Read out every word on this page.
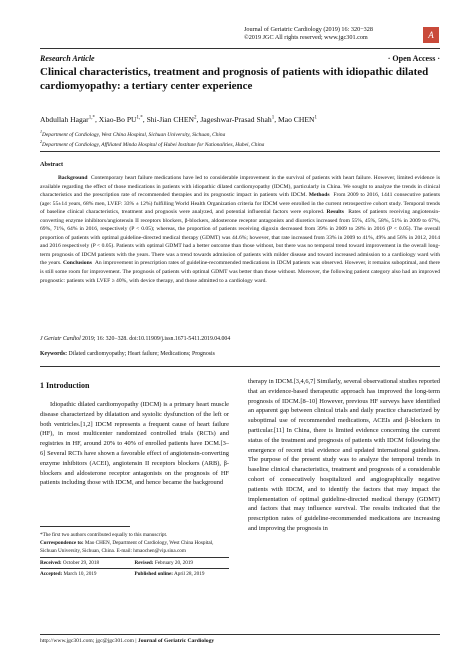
Journal of Geriatric Cardiology (2019) 16: 320−328
©2019 JGC All rights reserved; www.jgc301.com	A
Research Article	· Open Access ·
Clinical characteristics, treatment and prognosis of patients with idiopathic dilated cardiomyopathy: a tertiary center experience
Abdullah Hagar$^{1,*}$, Xiao-Bo $PU^{1,*}$, Shi-Jian CHEN$^2$, Jageshwar-Prasad Shah$^1$, Mao CHEN$^1$
$^1$Department of Cardiology, West China Hospital, Sichuan University, Sichuan, China
$^2$Department of Cardiology, Affiliated Minda Hospital of Hubei Institute for Nationalities, Hubei, China
Abstract

Background Contemporary heart failure medications have led to considerable improvement in the survival of patients with heart failure. However, limited evidence is available regarding the effect of those medications in patients with idiopathic dilated cardiomyopathy (IDCM), particularly in China. We sought to analyze the trends in clinical characteristics and the prescription rate of recommended therapies and its prognostic impact in patients with IDCM. Methods From 2009 to 2016, 1441 consecutive patients (age: 55±14 years, 68% men, LVEF: 33% ± 12%) fulfilling World Health Organization criteria for IDCM were enrolled in the current retrospective cohort study. Temporal trends of baseline clinical characteristics, treatment and prognosis were analyzed, and potential influential factors were explored. Results Rates of patients receiving angiotensin-converting enzyme inhibitors/angiotensin II receptors blockers, β-blockers, aldosterone receptor antagonists and diuretics increased from 55%, 45%, 58%, 51% in 2009 to 67%, 69%, 71%, 64% in 2016, respectively (P < 0.05); whereas, the proportion of patients receiving digoxin decreased from 39% in 2009 to 28% in 2016 (P < 0.05). The overall proportion of patients with optimal guideline-directed medical therapy (GDMT) was 44.6%; however, that rate increased from 33% in 2009 to 41%, 49% and 56% in 2012, 2014 and 2016 respectively (P < 0.05). Patients with optimal GDMT had a better outcome than those without, but there was no temporal trend toward improvement in the overall long-term prognosis of IDCM patients with the years. There was a trend towards admission of patients with milder disease and toward increased admission to a cardiology ward with the years. Conclusions An improvement in prescription rates of guideline-recommended medications in IDCM patients was observed. However, it remains suboptimal, and there is still some room for improvement. The prognosis of patients with optimal GDMT was better than those without. Moreover, the following patient category also had an improved prognostic: patients with LVEF ≥ 40%, with device therapy, and those admitted to a cardiology ward.

J Geriatr Cardiol 2019; 16: 320−328. doi:10.11909/j.issn.1671-5411.2019.04.004
Keywords: Dilated cardiomyopathy; Heart failure; Medications; Prognosis
1 Introduction

Idiopathic dilated cardiomyopathy (IDCM) is a primary heart muscle disease characterized by dilatation and systolic dysfunction of the left or both ventricles.[1,2] IDCM represents a frequent cause of heart failure (HF), in most multicenter randomized controlled trials (RCTs) and registries in HF, around 20% to 40% of enrolled patients have DCM.[3–6] Several RCTs have shown a favorable effect of angiotensin-converting enzyme inhibitors (ACEI), angiotensin II receptors blockers (ARB), β-blockers and aldosterone receptor antagonists on the prognosis of HF patients including those with IDCM, and hence became the background

therapy in IDCM.[3,4,6,7] Similarly, several observational studies reported that an evidence-based therapeutic approach has improved the long-term prognosis of IDCM.[8–10] However, previous HF surveys have identified an apparent gap between clinical trials and daily practice characterized by suboptimal use of recommended medications, ACEIs and β-blockers in particular.[11] In China, there is limited evidence concerning the current status of the treatment and prognosis of patients with IDCM following the emergence of recent trial evidence and updated international guidelines. The purpose of the present study was to analyze the temporal trends in baseline clinical characteristics, treatment and prognosis of a considerable cohort of consecutively hospitalized and angiographically negative patients with IDCM, and to identify the factors that may impact the implementation of optimal guideline-directed medical therapy (GDMT) and factors that may influence survival. The results indicated that the prescription rates of guideline-recommended medications are increasing and improving the prognosis in

*The first two authors contributed equally to this manuscript.
Correspondence to: Mao CHEN, Department of Cardiology, West China Hospital, Sichuan University, Sichuan, China. E-mail: hmaochen@vip.sina.com
Received: October 29, 2018	Revised: February 20, 2019
Accepted: March 10, 2019	Published online: April 28, 2019
http://www.jgc301.com; jgc@jgc301.com | Journal of Geriatric Cardiology
